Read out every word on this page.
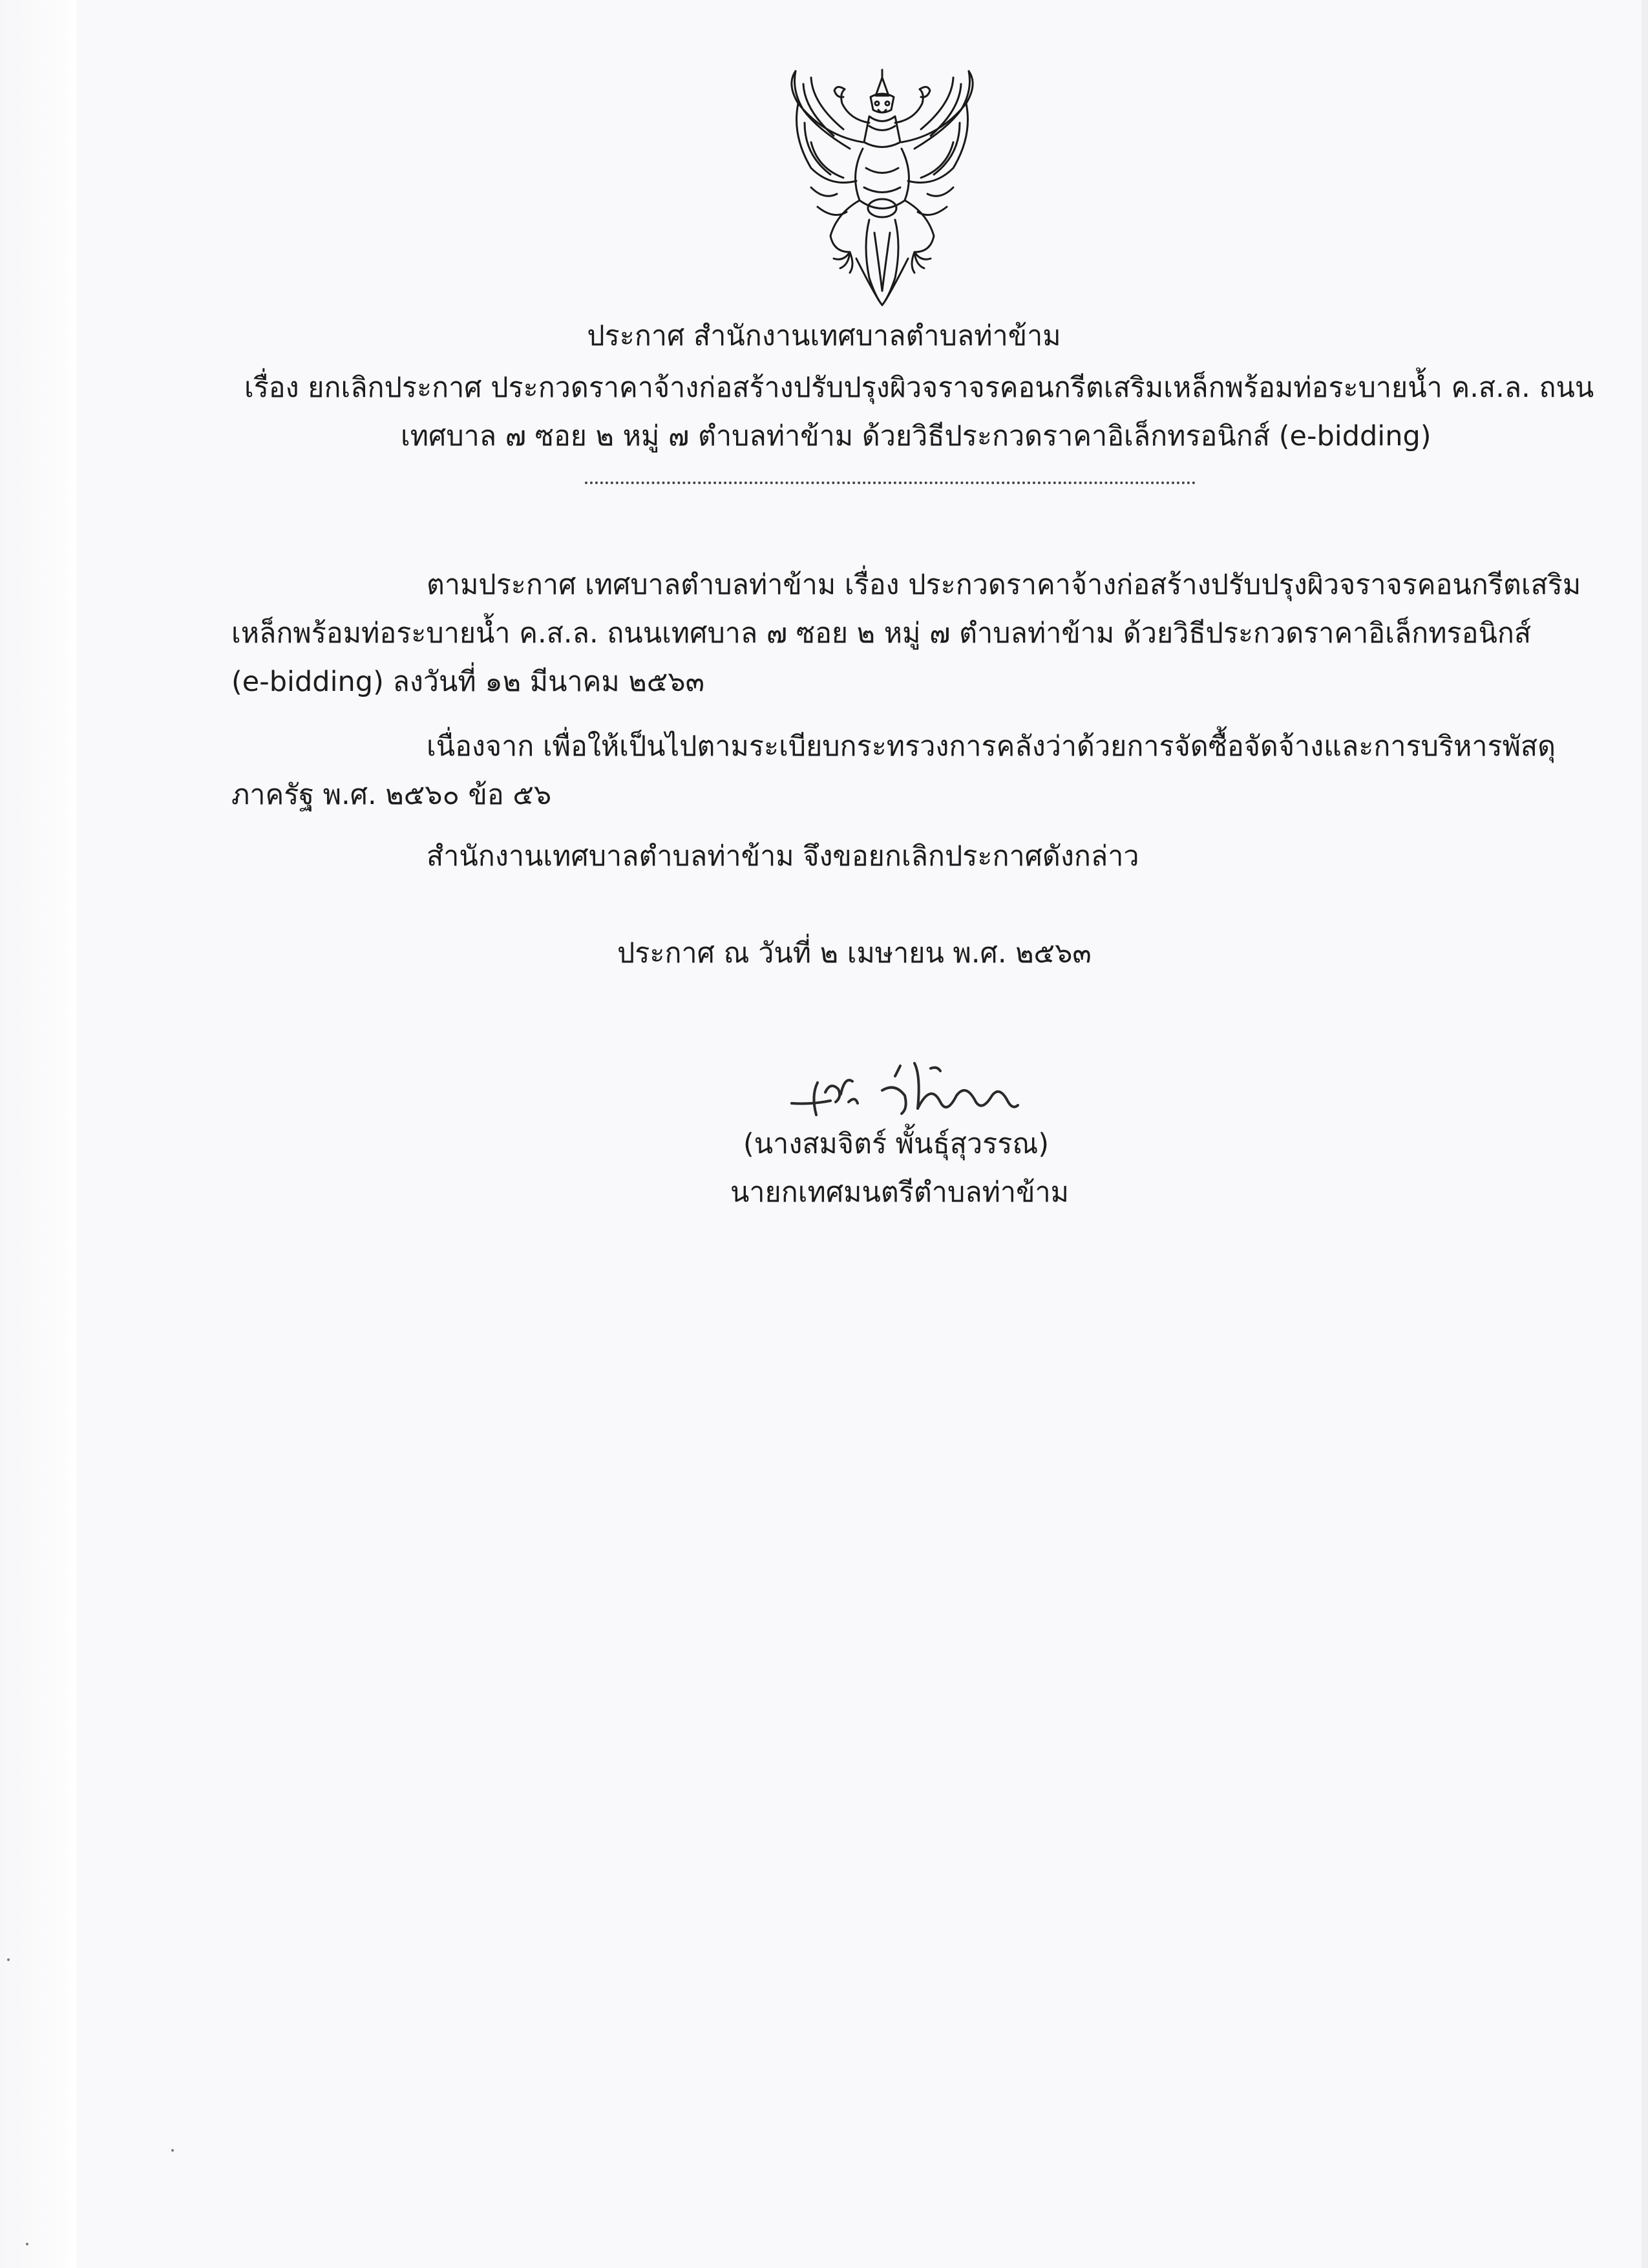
ประกาศ สำนักงานเทศบาลตำบลท่าข้าม
เรื่อง ยกเลิกประกาศ ประกวดราคาจ้างก่อสร้างปรับปรุงผิวจราจรคอนกรีตเสริมเหล็กพร้อมท่อระบายน้ำ ค.ส.ล. ถนน
เทศบาล ๗ ซอย ๒ หมู่ ๗ ตำบลท่าข้าม ด้วยวิธีประกวดราคาอิเล็กทรอนิกส์ (e-bidding)
ตามประกาศ เทศบาลตำบลท่าข้าม เรื่อง ประกวดราคาจ้างก่อสร้างปรับปรุงผิวจราจรคอนกรีตเสริม
เหล็กพร้อมท่อระบายน้ำ ค.ส.ล. ถนนเทศบาล ๗ ซอย ๒ หมู่ ๗ ตำบลท่าข้าม ด้วยวิธีประกวดราคาอิเล็กทรอนิกส์
(e-bidding) ลงวันที่ ๑๒ มีนาคม ๒๕๖๓
เนื่องจาก เพื่อให้เป็นไปตามระเบียบกระทรวงการคลังว่าด้วยการจัดซื้อจัดจ้างและการบริหารพัสดุ
ภาครัฐ พ.ศ. ๒๕๖๐ ข้อ ๕๖
สำนักงานเทศบาลตำบลท่าข้าม จึงขอยกเลิกประกาศดังกล่าว
ประกาศ ณ วันที่ ๒ เมษายน พ.ศ. ๒๕๖๓
(นางสมจิตร์ พั้นธุ์สุวรรณ)
นายกเทศมนตรีตำบลท่าข้าม
